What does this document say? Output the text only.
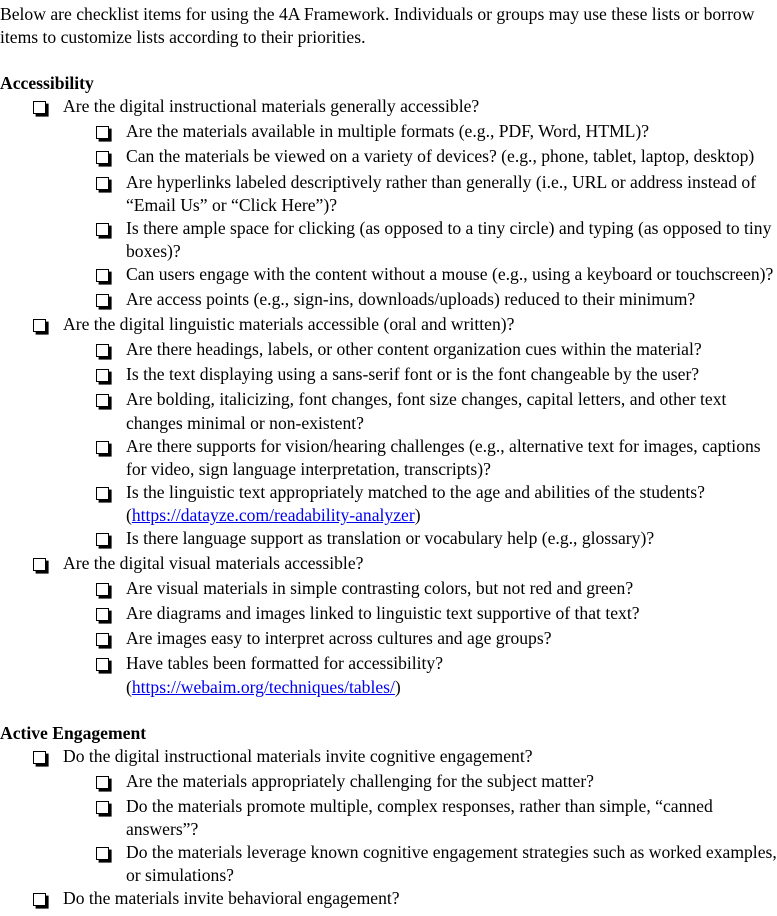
Below are checklist items for using the 4A Framework. Individuals or groups may use these lists or borrow items to customize lists according to their priorities.

Accessibility
Are the digital instructional materials generally accessible?
Are the materials available in multiple formats (e.g., PDF, Word, HTML)?
Can the materials be viewed on a variety of devices? (e.g., phone, tablet, laptop, desktop)
Are hyperlinks labeled descriptively rather than generally (i.e., URL or address instead of “Email Us” or “Click Here”)?
Is there ample space for clicking (as opposed to a tiny circle) and typing (as opposed to tiny boxes)?
Can users engage with the content without a mouse (e.g., using a keyboard or touchscreen)?
Are access points (e.g., sign-ins, downloads/uploads) reduced to their minimum?
Are the digital linguistic materials accessible (oral and written)?
Are there headings, labels, or other content organization cues within the material?
Is the text displaying using a sans-serif font or is the font changeable by the user?
Are bolding, italicizing, font changes, font size changes, capital letters, and other text changes minimal or non-existent?
Are there supports for vision/hearing challenges (e.g., alternative text for images, captions for video, sign language interpretation, transcripts)?
Is the linguistic text appropriately matched to the age and abilities of the students?
(https://datayze.com/readability-analyzer)
Is there language support as translation or vocabulary help (e.g., glossary)?
Are the digital visual materials accessible?
Are visual materials in simple contrasting colors, but not red and green?
Are diagrams and images linked to linguistic text supportive of that text?
Are images easy to interpret across cultures and age groups?
Have tables been formatted for accessibility?
(https://webaim.org/techniques/tables/)
Active Engagement
Do the digital instructional materials invite cognitive engagement?
Are the materials appropriately challenging for the subject matter?
Do the materials promote multiple, complex responses, rather than simple, “canned answers”?
Do the materials leverage known cognitive engagement strategies such as worked examples, or simulations?
Do the materials invite behavioral engagement?
